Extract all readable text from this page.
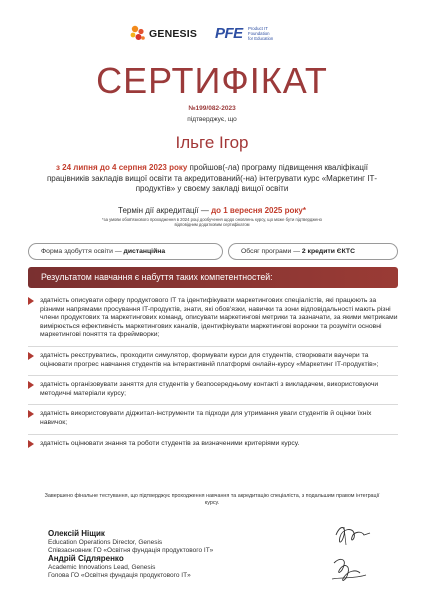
GENESIS PFE Product IT
Foundation
for Education
СЕРТИФІКАТ
№199/082-2023
підтверджує, що
Ільге Ігор
з 24 липня до 4 серпня 2023 року пройшов(-ла) програму підвищення кваліфікації працівників закладів вищої освіти та акредитований(-на) інтегрувати курс «Маркетинг ІТ-продуктів» у своєму закладі вищої освіти
Термін дії акредитації — до 1 вересня 2025 року*
*за умови обов'язкового проходження в 2024 році дообучення щодо оновлень курсу, що може бути підтверджено відповідним додатковим сертифікатом
Форма здобуття освіти — дистанційна	Обсяг програми — 2 кредити ЄКТС
Результатом навчання є набуття таких компетентностей:
здатність описувати сферу продуктового IT та ідентифікувати маркетингових спеціалістів, які працюють за різними напрямами просування IT-продуктів, знати, які обов'язки, навички та зони відповідальності мають різні члени продуктових та маркетингових команд, описувати маркетингові метрики та зазначати, за якими метриками вимірюється ефективність маркетингових каналів, ідентифікувати маркетингові воронки та розуміти основні маркетингові поняття та фреймворки;
здатність реєструватись, проходити симулятор, формувати курси для студентів, створювати ваучери та оцінювати прогрес навчання студентів на інтерактивній платформі онлайн-курсу «Маркетинг IT-продуктів»;
здатність організовувати заняття для студентів у безпосередньому контакті з викладачем, використовуючи методичні матеріали курсу;
здатність використовувати діджитал-інструменти та підходи для утримання уваги студентів й оцінки їхніх навичок;
здатність оцінювати знання та роботи студентів за визначеними критеріями курсу.
Завершено фінальне тестування, що підтверджує проходження навчання та акредитацію спеціаліста, з подальшим правом інтеграції курсу.
Олексій Ніщик
Education Operations Director, Genesis
Співзасновник ГО «Освітня фундація продуктового IT»
Андрій Сідляренко
Academic Innovations Lead, Genesis
Голова ГО «Освітня фундація продуктового IT»
